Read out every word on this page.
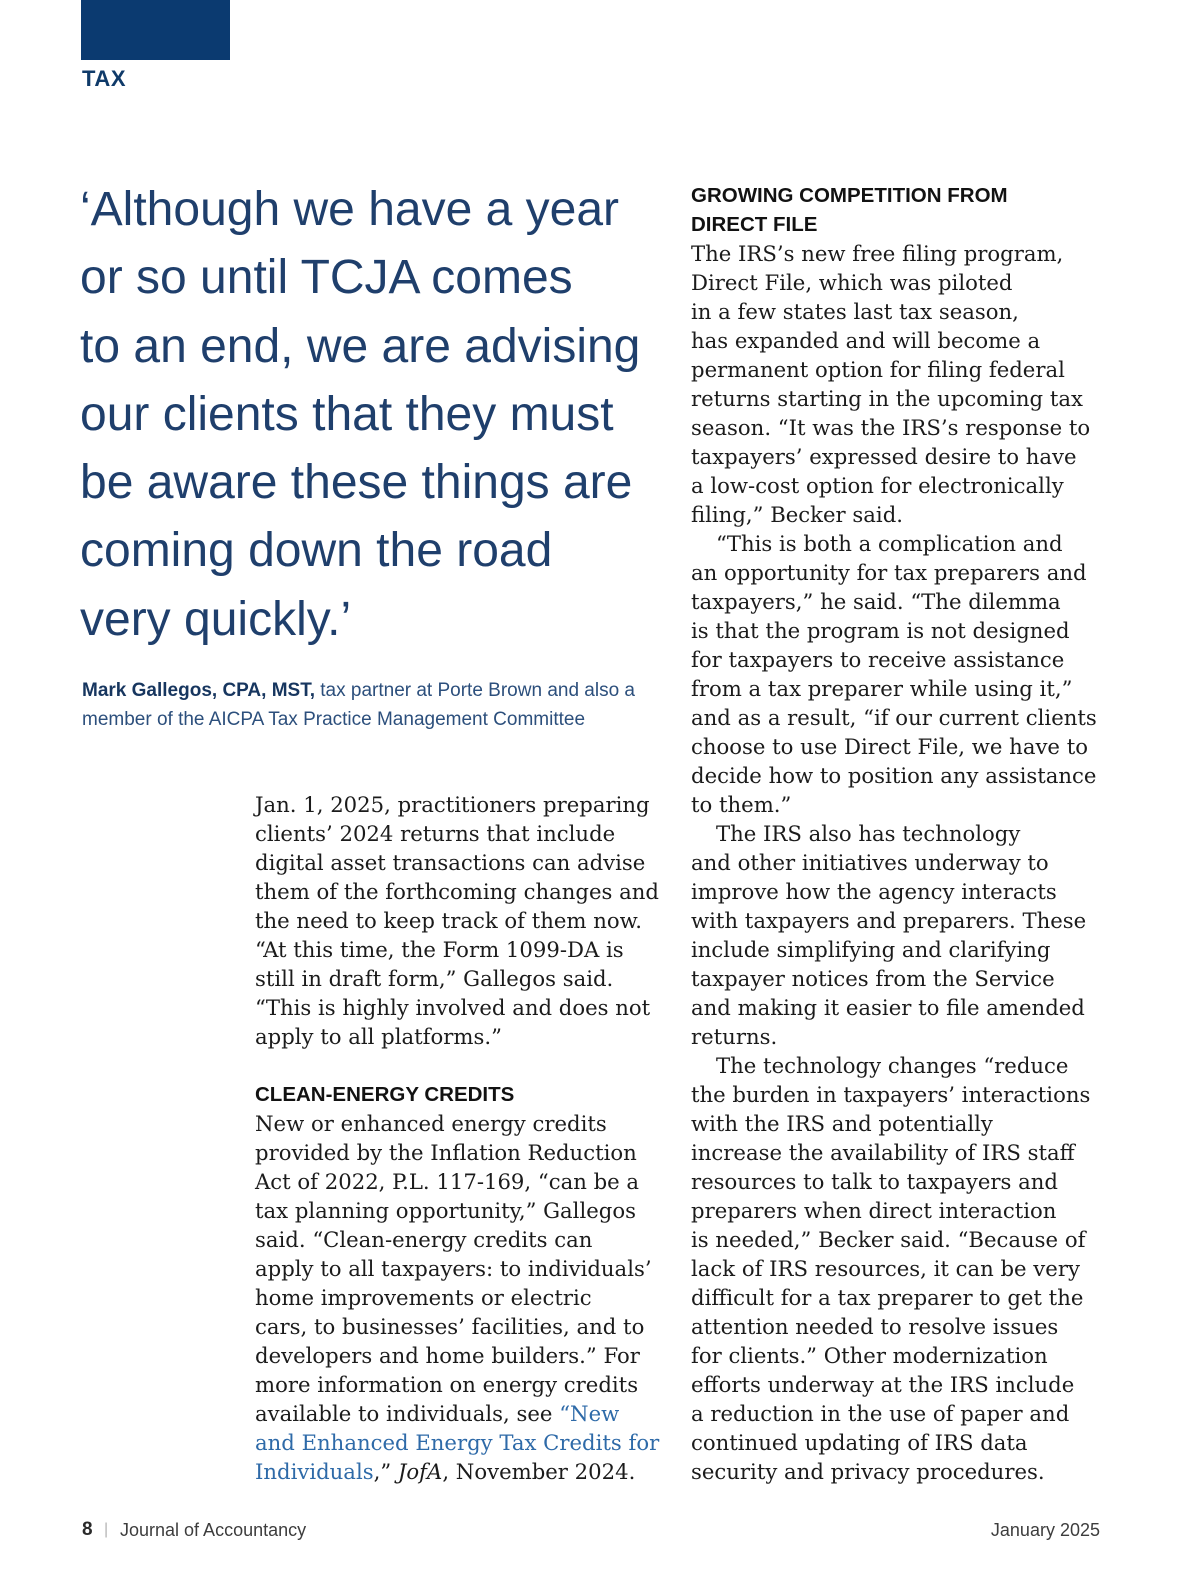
TAX
‘Although we have a year
or so until TCJA comes
to an end, we are advising
our clients that they must
be aware these things are
coming down the road
very quickly.’
Mark Gallegos, CPA, MST, tax partner at Porte Brown and also a
member of the AICPA Tax Practice Management Committee
Jan. 1, 2025, practitioners preparing
clients’ 2024 returns that include
digital asset transactions can advise
them of the forthcoming changes and
the need to keep track of them now.
“At this time, the Form 1099-DA is
still in draft form,” Gallegos said.
“This is highly involved and does not
apply to all platforms.”
CLEAN-ENERGY CREDITS
New or enhanced energy credits
provided by the Inflation Reduction
Act of 2022, P.L. 117-169, “can be a
tax planning opportunity,” Gallegos
said. “Clean-energy credits can
apply to all taxpayers: to individuals’
home improvements or electric
cars, to businesses’ facilities, and to
developers and home builders.” For
more information on energy credits
available to individuals, see “New
and Enhanced Energy Tax Credits for
Individuals,” JofA, November 2024.
GROWING COMPETITION FROM
DIRECT FILE
The IRS’s new free filing program,
Direct File, which was piloted
in a few states last tax season,
has expanded and will become a
permanent option for filing federal
returns starting in the upcoming tax
season. “It was the IRS’s response to
taxpayers’ expressed desire to have
a low-cost option for electronically
filing,” Becker said.
“This is both a complication and
an opportunity for tax preparers and
taxpayers,” he said. “The dilemma
is that the program is not designed
for taxpayers to receive assistance
from a tax preparer while using it,”
and as a result, “if our current clients
choose to use Direct File, we have to
decide how to position any assistance
to them.”
The IRS also has technology
and other initiatives underway to
improve how the agency interacts
with taxpayers and preparers. These
include simplifying and clarifying
taxpayer notices from the Service
and making it easier to file amended
returns.
The technology changes “reduce
the burden in taxpayers’ interactions
with the IRS and potentially
increase the availability of IRS staff
resources to talk to taxpayers and
preparers when direct interaction
is needed,” Becker said. “Because of
lack of IRS resources, it can be very
difficult for a tax preparer to get the
attention needed to resolve issues
for clients.” Other modernization
efforts underway at the IRS include
a reduction in the use of paper and
continued updating of IRS data
security and privacy procedures.
8 | Journal of Accountancy	January 2025
